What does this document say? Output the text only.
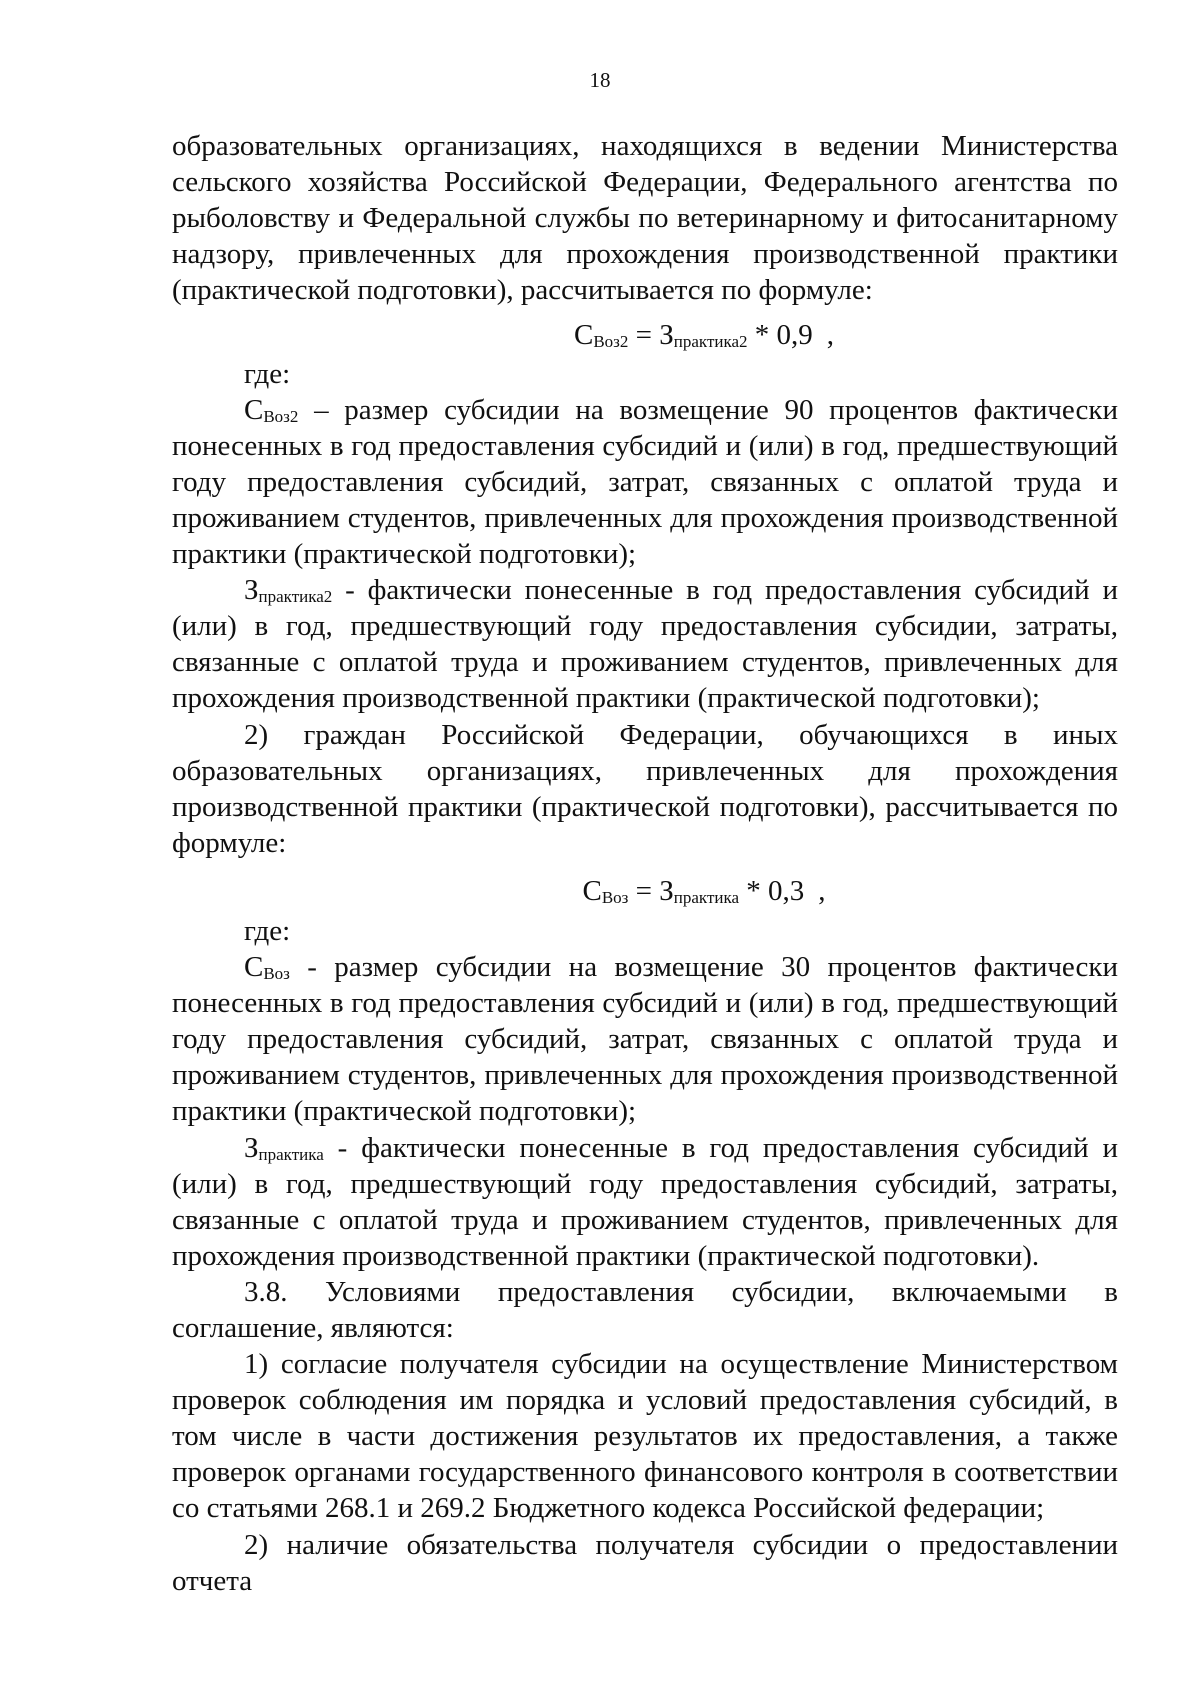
18

образовательных организациях, находящихся в ведении Министерства сельского хозяйства Российской Федерации, Федерального агентства по рыболовству и Федеральной службы по ветеринарному и фитосанитарному надзору, привлеченных для прохождения производственной практики (практической подготовки), рассчитывается по формуле:

СВоз2 = Зпрактика2 * 0,9 ,

где:

СВоз2 – размер субсидии на возмещение 90 процентов фактически понесенных в год предоставления субсидий и (или) в год, предшествующий году предоставления субсидий, затрат, связанных с оплатой труда и проживанием студентов, привлеченных для прохождения производственной практики (практической подготовки);

Зпрактика2 - фактически понесенные в год предоставления субсидий и (или) в год, предшествующий году предоставления субсидии, затраты, связанные с оплатой труда и проживанием студентов, привлеченных для прохождения производственной практики (практической подготовки);

2) граждан Российской Федерации, обучающихся в иных образовательных организациях, привлеченных для прохождения производственной практики (практической подготовки), рассчитывается по формуле:

СВоз = Зпрактика * 0,3 ,

где:

СВоз - размер субсидии на возмещение 30 процентов фактически понесенных в год предоставления субсидий и (или) в год, предшествующий году предоставления субсидий, затрат, связанных с оплатой труда и проживанием студентов, привлеченных для прохождения производственной практики (практической подготовки);

Зпрактика - фактически понесенные в год предоставления субсидий и (или) в год, предшествующий году предоставления субсидий, затраты, связанные с оплатой труда и проживанием студентов, привлеченных для прохождения производственной практики (практической подготовки).

3.8. Условиями предоставления субсидии, включаемыми в соглашение, являются:

1) согласие получателя субсидии на осуществление Министерством проверок соблюдения им порядка и условий предоставления субсидий, в том числе в части достижения результатов их предоставления, а также проверок органами государственного финансового контроля в соответствии со статьями 268.1 и 269.2 Бюджетного кодекса Российской федерации;

2) наличие обязательства получателя субсидии о предоставлении отчета
